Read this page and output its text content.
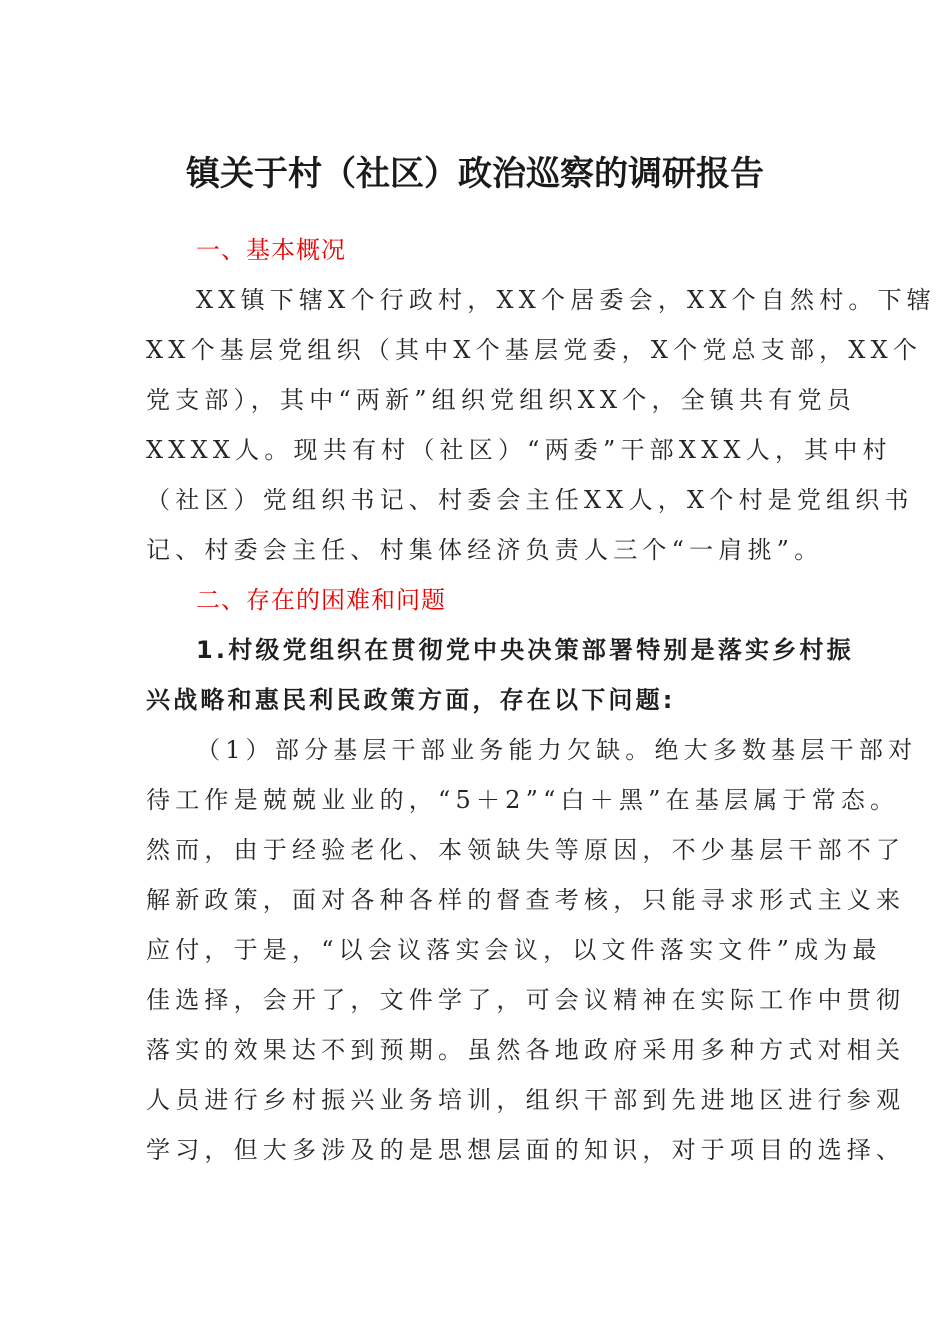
镇关于村（社区）政治巡察的调研报告

一、基本概况

XX镇下辖X个行政村，XX个居委会，XX个自然村。下辖

XX个基层党组织（其中X个基层党委，X个党总支部，XX个

党支部），其中“两新”组织党组织XX个，全镇共有党员

XXXX人。现共有村（社区）“两委”干部XXX人，其中村

（社区）党组织书记、村委会主任XX人，X个村是党组织书

记、村委会主任、村集体经济负责人三个“一肩挑”。

二、存在的困难和问题

1.村级党组织在贯彻党中央决策部署特别是落实乡村振

兴战略和惠民利民政策方面，存在以下问题:

（1）部分基层干部业务能力欠缺。绝大多数基层干部对

待工作是兢兢业业的，“5＋2”“白＋黑”在基层属于常态。

然而，由于经验老化、本领缺失等原因，不少基层干部不了

解新政策，面对各种各样的督查考核，只能寻求形式主义来

应付，于是，“以会议落实会议，以文件落实文件”成为最

佳选择，会开了，文件学了，可会议精神在实际工作中贯彻

落实的效果达不到预期。虽然各地政府采用多种方式对相关

人员进行乡村振兴业务培训，组织干部到先进地区进行参观

学习，但大多涉及的是思想层面的知识，对于项目的选择、
